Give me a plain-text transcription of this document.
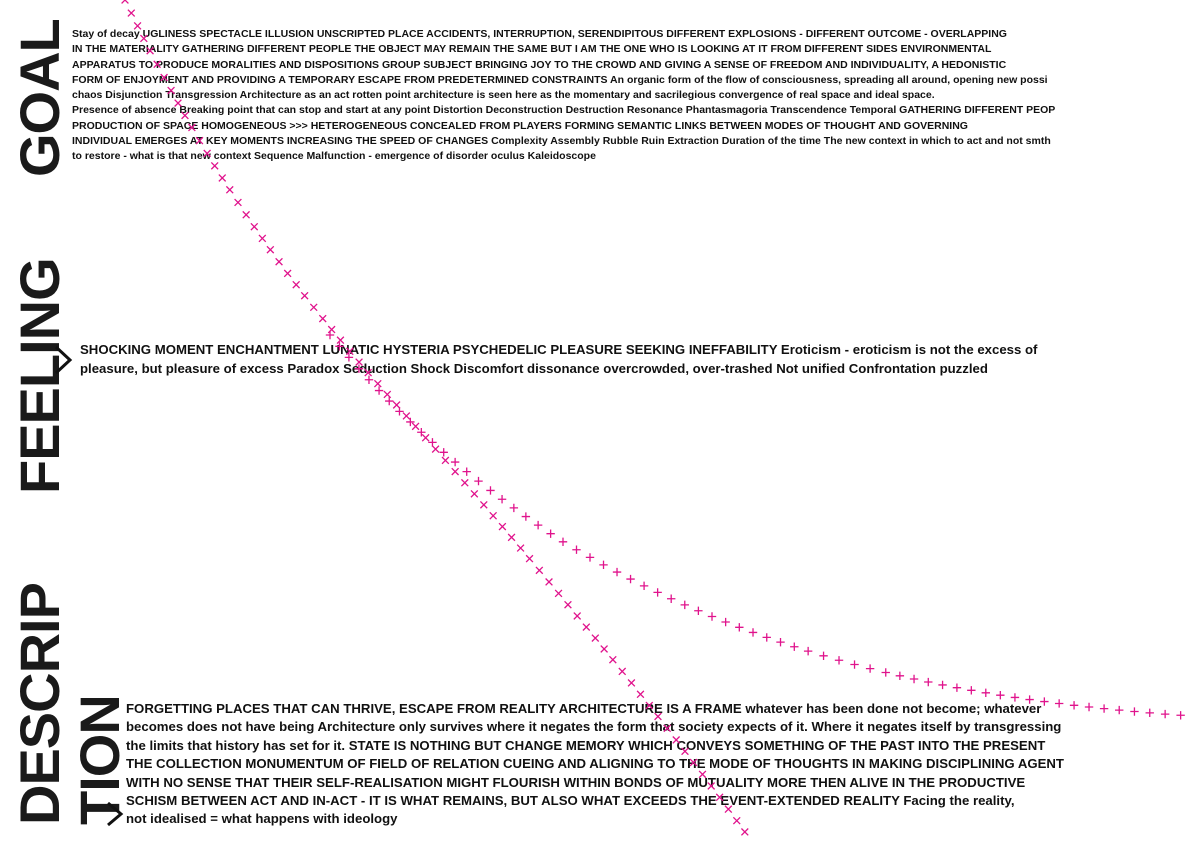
GOAL
FEELING
DESCRIP
TION
Stay of decay UGLINESS SPECTACLE ILLUSION UNSCRIPTED PLACE ACCIDENTS, INTERRUPTION, SERENDIPITOUS DIFFERENT EXPLOSIONS - DIFFERENT OUTCOME - OVERLAPPING
IN THE MATERIALITY GATHERING DIFFERENT PEOPLE THE OBJECT MAY REMAIN THE SAME BUT I AM THE ONE WHO IS LOOKING AT IT FROM DIFFERENT SIDES ENVIRONMENTAL
APPARATUS TO PRODUCE MORALITIES AND DISPOSITIONS GROUP SUBJECT BRINGING JOY TO THE CROWD AND GIVING A SENSE OF FREEDOM AND INDIVIDUALITY, A HEDONISTIC
FORM OF ENJOYMENT AND PROVIDING A TEMPORARY ESCAPE FROM PREDETERMINED CONSTRAINTS An organic form of the flow of consciousness, spreading all around, opening new possi
chaos Disjunction Transgression Architecture as an act rotten point architecture is seen here as the momentary and sacrilegious convergence of real space and ideal space.
Presence of absence Breaking point that can stop and start at any point Distortion Deconstruction Destruction Resonance Phantasmagoria Transcendence Temporal GATHERING DIFFERENT PEOP
PRODUCTION OF SPACE HOMOGENEOUS >>> HETEROGENEOUS CONCEALED FROM PLAYERS FORMING SEMANTIC LINKS BETWEEN MODES OF THOUGHT AND GOVERNING
INDIVIDUAL EMERGES AT KEY MOMENTS INCREASING THE SPEED OF CHANGES Complexity Assembly Rubble Ruin Extraction Duration of the time The new context in which to act and not smth
to restore - what is that new context Sequence Malfunction - emergence of disorder oculus Kaleidoscope
SHOCKING MOMENT ENCHANTMENT LUNATIC HYSTERIA PSYCHEDELIC PLEASURE SEEKING INEFFABILITY Eroticism - eroticism is not the excess of
pleasure, but pleasure of excess Paradox Seduction Shock Discomfort dissonance overcrowded, over-trashed Not unified Confrontation puzzled
FORGETTING PLACES THAT CAN THRIVE, ESCAPE FROM REALITY ARCHITECTURE IS A FRAME whatever has been done not become; whatever
becomes does not have being Architecture only survives where it negates the form that society expects of it. Where it negates itself by transgressing
the limits that history has set for it. STATE IS NOTHING BUT CHANGE MEMORY WHICH CONVEYS SOMETHING OF THE PAST INTO THE PRESENT
THE COLLECTION MONUMENTUM OF FIELD OF RELATION CUEING AND ALIGNING TO THE MODE OF THOUGHTS IN MAKING DISCIPLINING AGENT
WITH NO SENSE THAT THEIR SELF-REALISATION MIGHT FLOURISH WITHIN BONDS OF MUTUALITY MORE THEN ALIVE IN THE PRODUCTIVE
SCHISM BETWEEN ACT AND IN-ACT - IT IS WHAT REMAINS, BUT ALSO WHAT EXCEEDS THE EVENT-EXTENDED REALITY Facing the reality,
not idealised = what happens with ideology
